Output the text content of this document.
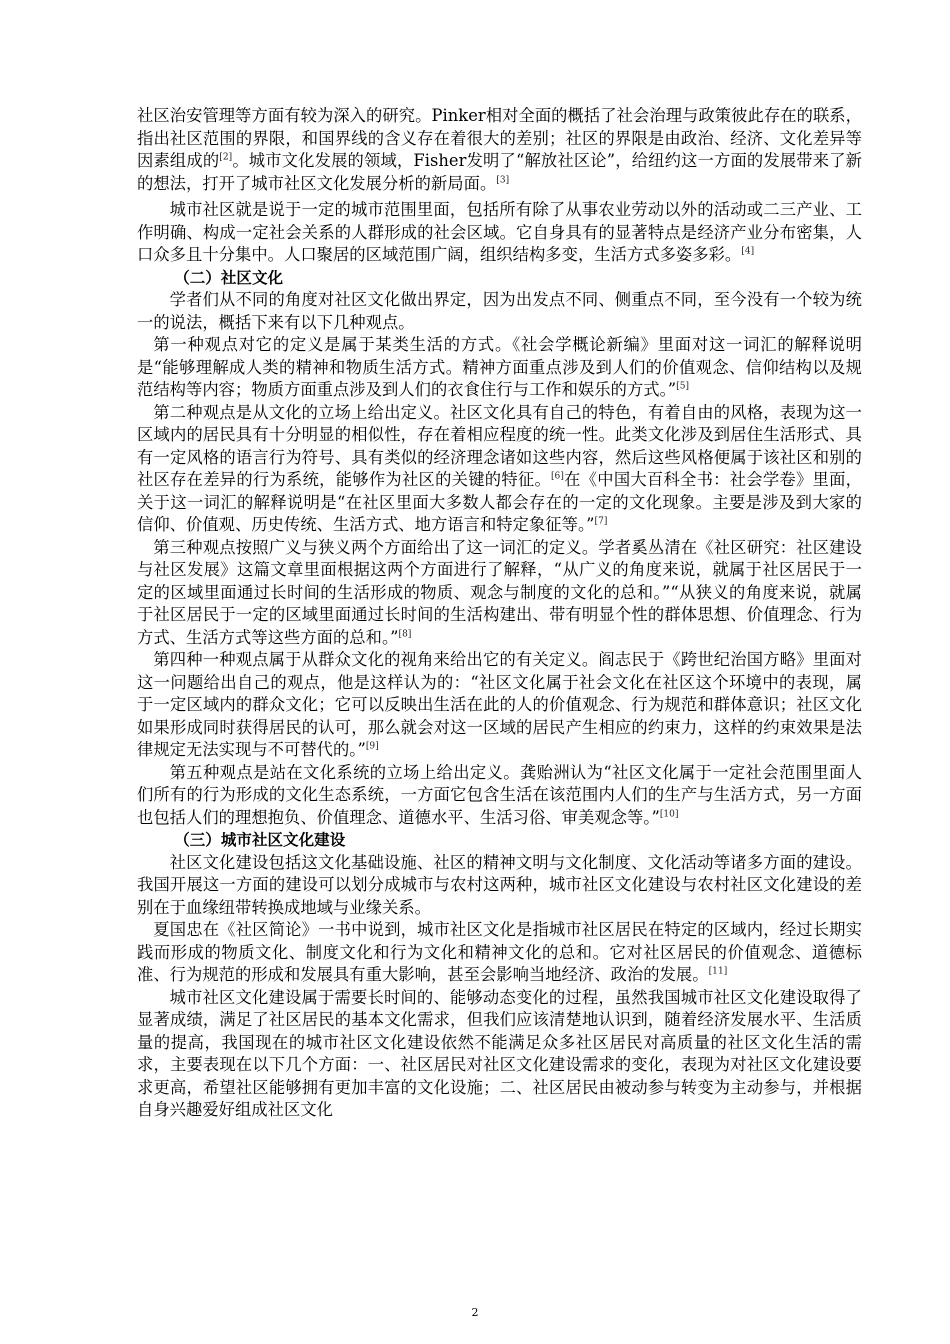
社区治安管理等方面有较为深入的研究。Pinker相对全面的概括了社会治理与政策彼此存在的联系，指出社区范围的界限，和国界线的含义存在着很大的差别；社区的界限是由政治、经济、文化差异等因素组成的[2]。城市文化发展的领域，Fisher发明了“解放社区论”，给纽约这一方面的发展带来了新的想法，打开了城市社区文化发展分析的新局面。[3]

城市社区就是说于一定的城市范围里面，包括所有除了从事农业劳动以外的活动或二三产业、工作明确、构成一定社会关系的人群形成的社会区域。它自身具有的显著特点是经济产业分布密集，人口众多且十分集中。人口聚居的区域范围广阔，组织结构多变，生活方式多姿多彩。[4]

（二）社区文化

学者们从不同的角度对社区文化做出界定，因为出发点不同、侧重点不同，至今没有一个较为统一的说法，概括下来有以下几种观点。

第一种观点对它的定义是属于某类生活的方式。《社会学概论新编》里面对这一词汇的解释说明是“能够理解成人类的精神和物质生活方式。精神方面重点涉及到人们的价值观念、信仰结构以及规范结构等内容；物质方面重点涉及到人们的衣食住行与工作和娱乐的方式。”[5]

第二种观点是从文化的立场上给出定义。社区文化具有自己的特色，有着自由的风格，表现为这一区域内的居民具有十分明显的相似性，存在着相应程度的统一性。此类文化涉及到居住生活形式、具有一定风格的语言行为符号、具有类似的经济理念诸如这些内容，然后这些风格便属于该社区和别的社区存在差异的行为系统，能够作为社区的关键的特征。[6]在《中国大百科全书：社会学卷》里面，关于这一词汇的解释说明是“在社区里面大多数人都会存在的一定的文化现象。主要是涉及到大家的信仰、价值观、历史传统、生活方式、地方语言和特定象征等。”[7]

第三种观点按照广义与狭义两个方面给出了这一词汇的定义。学者奚丛清在《社区研究：社区建设与社区发展》这篇文章里面根据这两个方面进行了解释，“从广义的角度来说，就属于社区居民于一定的区域里面通过长时间的生活形成的物质、观念与制度的文化的总和。”“从狭义的角度来说，就属于社区居民于一定的区域里面通过长时间的生活构建出、带有明显个性的群体思想、价值理念、行为方式、生活方式等这些方面的总和。”[8]

第四种一种观点属于从群众文化的视角来给出它的有关定义。阎志民于《跨世纪治国方略》里面对这一问题给出自己的观点，他是这样认为的：“社区文化属于社会文化在社区这个环境中的表现，属于一定区域内的群众文化；它可以反映出生活在此的人的价值观念、行为规范和群体意识；社区文化如果形成同时获得居民的认可，那么就会对这一区域的居民产生相应的约束力，这样的约束效果是法律规定无法实现与不可替代的。”[9]

第五种观点是站在文化系统的立场上给出定义。龚贻洲认为“社区文化属于一定社会范围里面人们所有的行为形成的文化生态系统，一方面它包含生活在该范围内人们的生产与生活方式，另一方面也包括人们的理想抱负、价值理念、道德水平、生活习俗、审美观念等。”[10]

（三）城市社区文化建设

社区文化建设包括这文化基础设施、社区的精神文明与文化制度、文化活动等诸多方面的建设。我国开展这一方面的建设可以划分成城市与农村这两种，城市社区文化建设与农村社区文化建设的差别在于血缘纽带转换成地域与业缘关系。

夏国忠在《社区简论》一书中说到，城市社区文化是指城市社区居民在特定的区域内，经过长期实践而形成的物质文化、制度文化和行为文化和精神文化的总和。它对社区居民的价值观念、道德标准、行为规范的形成和发展具有重大影响，甚至会影响当地经济、政治的发展。[11]

城市社区文化建设属于需要长时间的、能够动态变化的过程，虽然我国城市社区文化建设取得了显著成绩，满足了社区居民的基本文化需求，但我们应该清楚地认识到，随着经济发展水平、生活质量的提高，我国现在的城市社区文化建设依然不能满足众多社区居民对高质量的社区文化生活的需求，主要表现在以下几个方面：一、社区居民对社区文化建设需求的变化，表现为对社区文化建设要求更高，希望社区能够拥有更加丰富的文化设施；二、社区居民由被动参与转变为主动参与，并根据自身兴趣爱好组成社区文化

2
